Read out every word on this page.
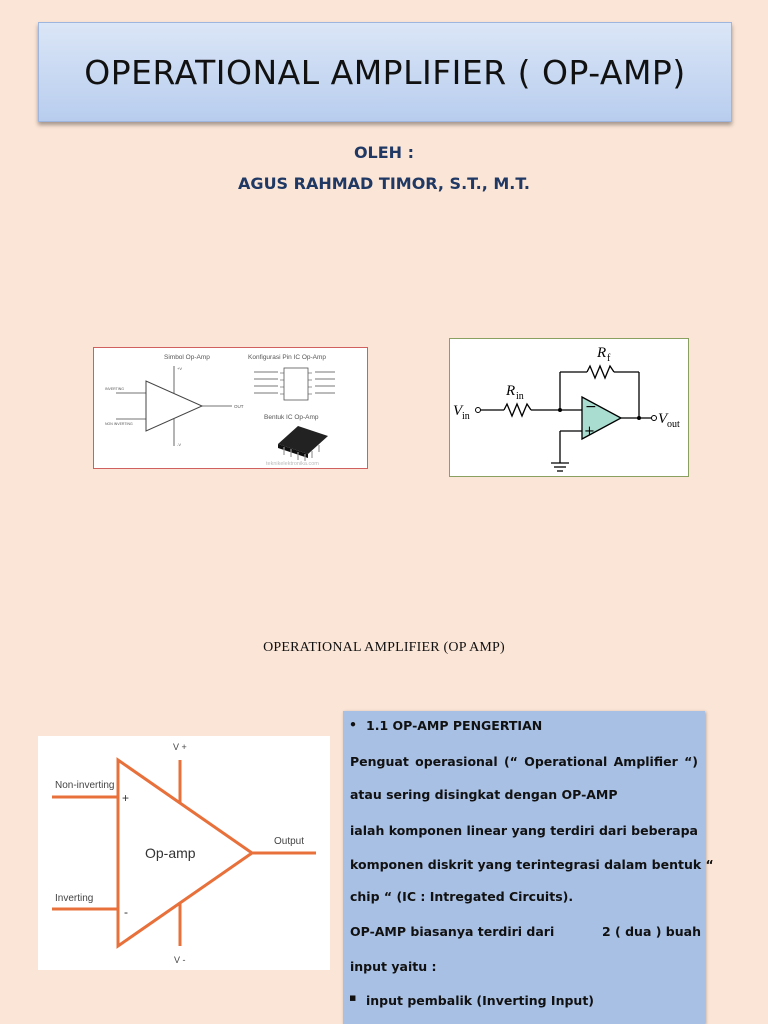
OPERATIONAL AMPLIFIER ( OP-AMP)
OLEH :
AGUS RAHMAD TIMOR, S.T., M.T.
Simbol Op-Amp	Konfigurasi Pin IC Op-Amp
INVERTING
NON INVERTING
OUT
+V
-V
Bentuk IC Op-Amp
teknikelektronika.com
−
+
R f
R in
V in	V out
OPERATIONAL AMPLIFIER (OP AMP)
V +
V -
Non-inverting
Inverting
Output
Op-amp
+
-
• 1.1 OP-AMP PENGERTIAN
Penguat operasional (“ Operational Amplifier “)
atau sering disingkat dengan OP-AMP
ialah komponen linear yang terdiri dari beberapa
komponen diskrit yang terintegrasi dalam bentuk “
chip “ (IC : Intregated Circuits).
OP-AMP biasanya terdiri dari	2 ( dua ) buah
input yaitu :
▪ input pembalik (Inverting Input)
